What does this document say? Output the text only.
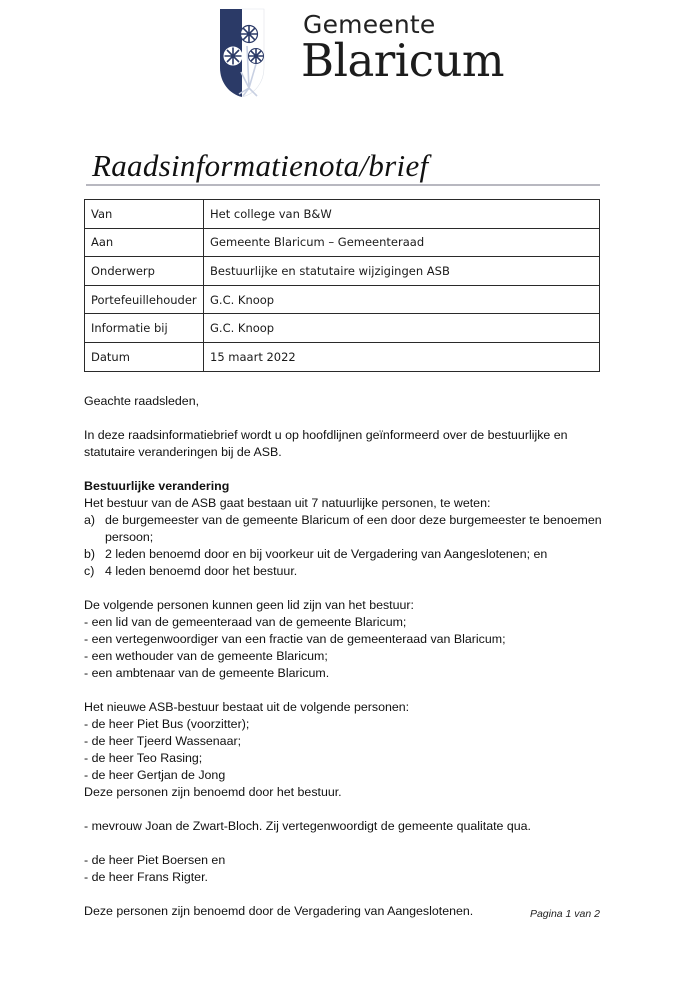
Gemeente
Blaricum
Raadsinformatienota/brief
Van	Het college van B&W
Aan	Gemeente Blaricum – Gemeenteraad
Onderwerp	Bestuurlijke en statutaire wijzigingen ASB
Portefeuillehouder	G.C. Knoop
Informatie bij	G.C. Knoop
Datum	15 maart 2022

Geachte raadsleden,

In deze raadsinformatiebrief wordt u op hoofdlijnen geïnformeerd over de bestuurlijke en statutaire veranderingen bij de ASB.

Bestuurlijke verandering

Het bestuur van de ASB gaat bestaan uit 7 natuurlijke personen, te weten:

a) de burgemeester van de gemeente Blaricum of een door deze burgemeester te benoemen persoon;
b) 2 leden benoemd door en bij voorkeur uit de Vergadering van Aangeslotenen; en
c) 4 leden benoemd door het bestuur.

De volgende personen kunnen geen lid zijn van het bestuur:

- een lid van de gemeenteraad van de gemeente Blaricum;

- een vertegenwoordiger van een fractie van de gemeenteraad van Blaricum;

- een wethouder van de gemeente Blaricum;

- een ambtenaar van de gemeente Blaricum.

Het nieuwe ASB-bestuur bestaat uit de volgende personen:

- de heer Piet Bus (voorzitter);

- de heer Tjeerd Wassenaar;

- de heer Teo Rasing;

- de heer Gertjan de Jong

Deze personen zijn benoemd door het bestuur.

- mevrouw Joan de Zwart-Bloch. Zij vertegenwoordigt de gemeente qualitate qua.

- de heer Piet Boersen en

- de heer Frans Rigter.

Deze personen zijn benoemd door de Vergadering van Aangeslotenen.	Pagina 1 van 2
